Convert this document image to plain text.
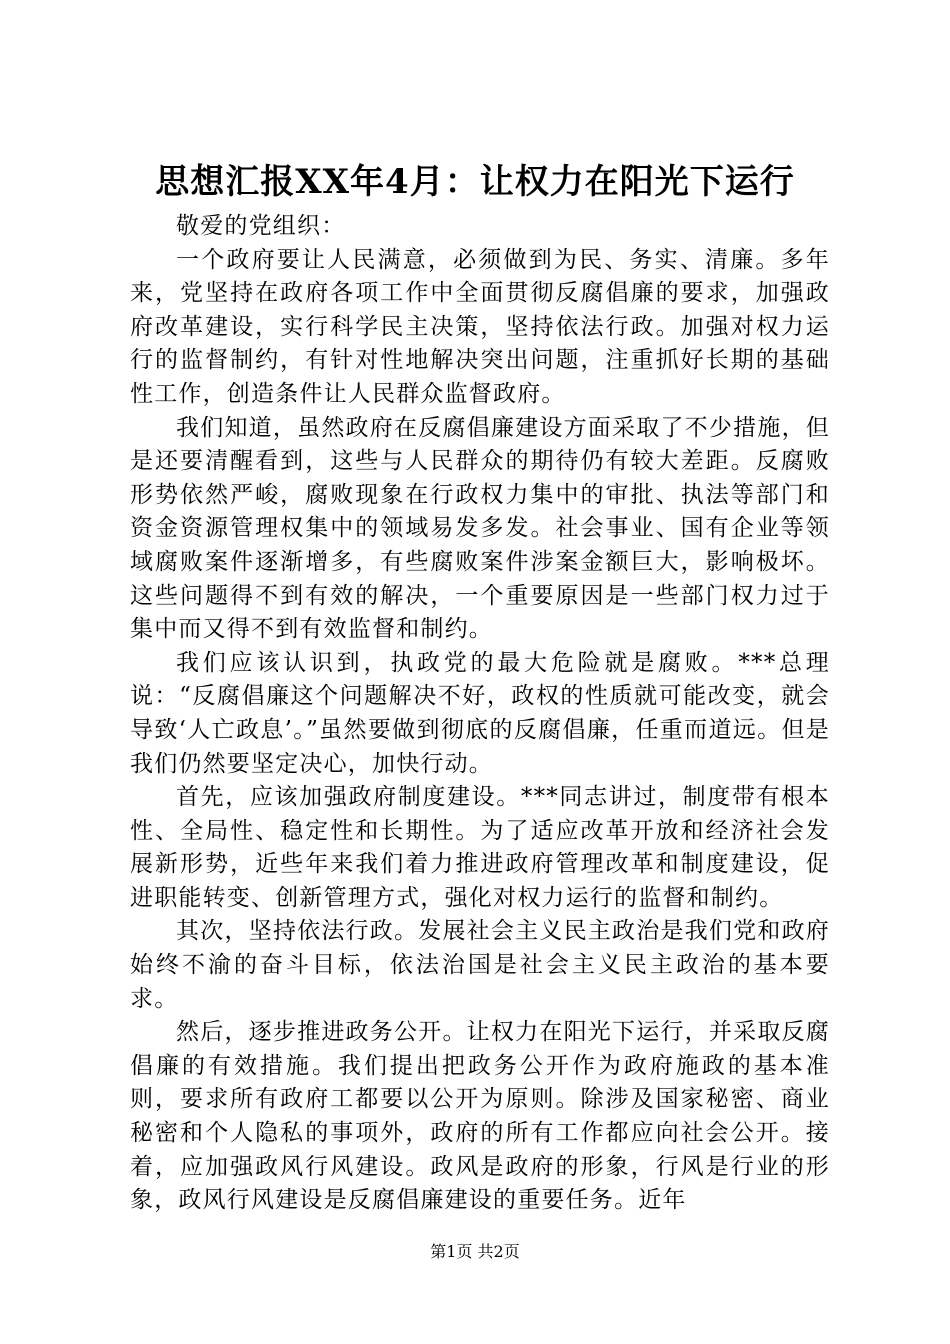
思想汇报XX年4月：让权力在阳光下运行

敬爱的党组织：

一个政府要让人民满意，必须做到为民、务实、清廉。多年来，党坚持在政府各项工作中全面贯彻反腐倡廉的要求，加强政府改革建设，实行科学民主决策，坚持依法行政。加强对权力运行的监督制约，有针对性地解决突出问题，注重抓好长期的基础性工作，创造条件让人民群众监督政府。

我们知道，虽然政府在反腐倡廉建设方面采取了不少措施，但是还要清醒看到，这些与人民群众的期待仍有较大差距。反腐败形势依然严峻，腐败现象在行政权力集中的审批、执法等部门和资金资源管理权集中的领域易发多发。社会事业、国有企业等领域腐败案件逐渐增多，有些腐败案件涉案金额巨大，影响极坏。这些问题得不到有效的解决，一个重要原因是一些部门权力过于集中而又得不到有效监督和制约。

我们应该认识到，执政党的最大危险就是腐败。***总理说：“反腐倡廉这个问题解决不好，政权的性质就可能改变，就会导致‘人亡政息’。”虽然要做到彻底的反腐倡廉，任重而道远。但是我们仍然要坚定决心，加快行动。

首先，应该加强政府制度建设。***同志讲过，制度带有根本性、全局性、稳定性和长期性。为了适应改革开放和经济社会发展新形势，近些年来我们着力推进政府管理改革和制度建设，促进职能转变、创新管理方式，强化对权力运行的监督和制约。

其次，坚持依法行政。发展社会主义民主政治是我们党和政府始终不渝的奋斗目标，依法治国是社会主义民主政治的基本要求。

然后，逐步推进政务公开。让权力在阳光下运行，并采取反腐倡廉的有效措施。我们提出把政务公开作为政府施政的基本准则，要求所有政府工都要以公开为原则。除涉及国家秘密、商业秘密和个人隐私的事项外，政府的所有工作都应向社会公开。接着，应加强政风行风建设。政风是政府的形象，行风是行业的形象，政风行风建设是反腐倡廉建设的重要任务。近年

第1页 共2页
